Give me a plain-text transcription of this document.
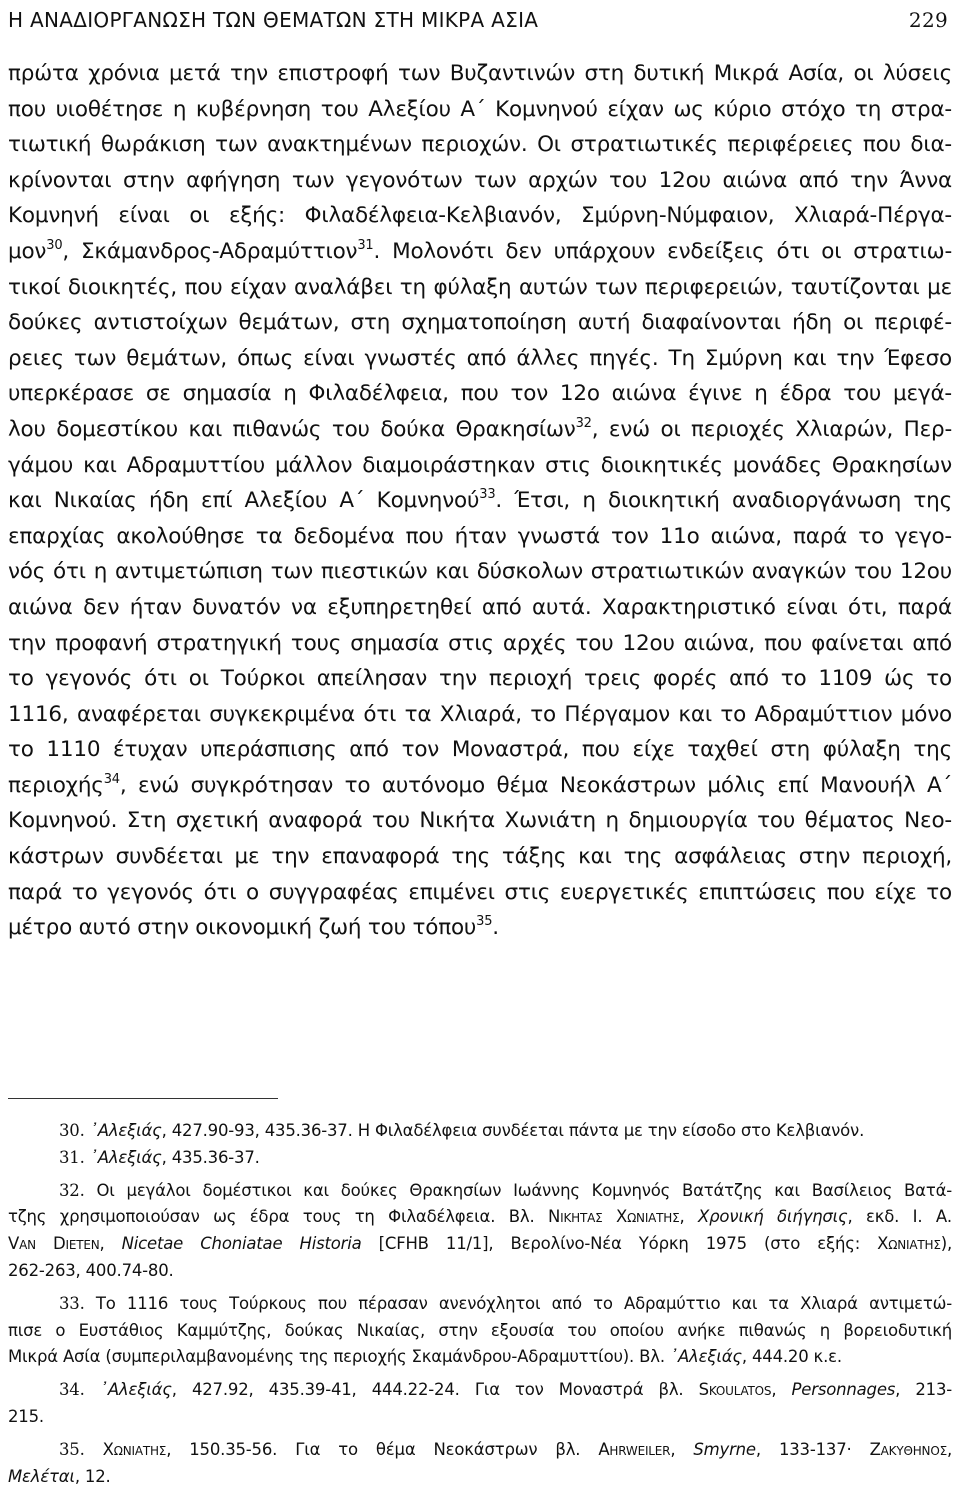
Η ΑΝΑΔΙΟΡΓΑΝΩΣΗ ΤΩΝ ΘΕΜΑΤΩΝ ΣΤΗ ΜΙΚΡΑ ΑΣΙΑ	229
πρώτα χρόνια μετά την επιστροφή των Βυζαντινών στη δυτική Μικρά Ασία, οι λύσεις
που υιοθέτησε η κυβέρνηση του Αλεξίου Α΄ Κομνηνού είχαν ως κύριο στόχο τη στρα-
τιωτική θωράκιση των ανακτημένων περιοχών. Οι στρατιωτικές περιφέρειες που δια-
κρίνονται στην αφήγηση των γεγονότων των αρχών του 12ου αιώνα από την Άννα
Κομνηνή είναι οι εξής: Φιλαδέλφεια-Κελβιανόν, Σμύρνη-Νύμφαιον, Χλιαρά-Πέργα-
μον$^{30}$, Σκάμανδρος-Αδραμύττιον$^{31}$. Μολονότι δεν υπάρχουν ενδείξεις ότι οι στρατιω-
τικοί διοικητές, που είχαν αναλάβει τη φύλαξη αυτών των περιφερειών, ταυτίζονται με
δούκες αντιστοίχων θεμάτων, στη σχηματοποίηση αυτή διαφαίνονται ήδη οι περιφέ-
ρειες των θεμάτων, όπως είναι γνωστές από άλλες πηγές. Τη Σμύρνη και την Έφεσο
υπερκέρασε σε σημασία η Φιλαδέλφεια, που τον 12ο αιώνα έγινε η έδρα του μεγά-
λου δομεστίκου και πιθανώς του δούκα Θρακησίων$^{32}$, ενώ οι περιοχές Χλιαρών, Περ-
γάμου και Αδραμυττίου μάλλον διαμοιράστηκαν στις διοικητικές μονάδες Θρακησίων
και Νικαίας ήδη επί Αλεξίου Α΄ Κομνηνού$^{33}$. Έτσι, η διοικητική αναδιοργάνωση της
επαρχίας ακολούθησε τα δεδομένα που ήταν γνωστά τον 11ο αιώνα, παρά το γεγο-
νός ότι η αντιμετώπιση των πιεστικών και δύσκολων στρατιωτικών αναγκών του 12ου
αιώνα δεν ήταν δυνατόν να εξυπηρετηθεί από αυτά. Χαρακτηριστικό είναι ότι, παρά
την προφανή στρατηγική τους σημασία στις αρχές του 12ου αιώνα, που φαίνεται από
το γεγονός ότι οι Τούρκοι απείλησαν την περιοχή τρεις φορές από το 1109 ώς το
1116, αναφέρεται συγκεκριμένα ότι τα Χλιαρά, το Πέργαμον και το Αδραμύττιον μόνο
το 1110 έτυχαν υπεράσπισης από τον Μοναστρά, που είχε ταχθεί στη φύλαξη της
περιοχής$^{34}$, ενώ συγκρότησαν το αυτόνομο θέμα Νεοκάστρων μόλις επί Μανουήλ Α΄
Κομνηνού. Στη σχετική αναφορά του Νικήτα Χωνιάτη η δημιουργία του θέματος Νεο-
κάστρων συνδέεται με την επαναφορά της τάξης και της ασφάλειας στην περιοχή,
παρά το γεγονός ότι ο συγγραφέας επιμένει στις ευεργετικές επιπτώσεις που είχε το
μέτρο αυτό στην οικονομική ζωή του τόπου$^{35}$.
30. ᾽Αλεξιάς, 427.90-93, 435.36-37. Η Φιλαδέλφεια συνδέεται πάντα με την είσοδο στο Κελβιανόν.
31. ᾽Αλεξιάς, 435.36-37.
32. Οι μεγάλοι δομέστικοι και δούκες Θρακησίων Ιωάννης Κομνηνός Βατάτζης και Βασίλειος Βατά-
τζης χρησιμοποιούσαν ως έδρα τους τη Φιλαδέλφεια. Βλ. Νικητας Χωνιατης, Χρονική διήγησις, εκδ. Ι. Α.
Van Dieten, Nicetae Choniatae Historia [CFHB 11/1], Βερολίνο-Νέα Υόρκη 1975 (στο εξής: Χωνιατης),
262-263, 400.74-80.
33. Το 1116 τους Τούρκους που πέρασαν ανενόχλητοι από το Αδραμύττιο και τα Χλιαρά αντιμετώ-
πισε ο Ευστάθιος Καμμύτζης, δούκας Νικαίας, στην εξουσία του οποίου ανήκε πιθανώς η βορειοδυτική
Μικρά Ασία (συμπεριλαμβανομένης της περιοχής Σκαμάνδρου-Αδραμυττίου). Βλ. ᾽Αλεξιάς, 444.20 κ.ε.
34. ᾽Αλεξιάς, 427.92, 435.39-41, 444.22-24. Για τον Μοναστρά βλ. Skoulatos, Personnages, 213-
215.
35. Χωνιατης, 150.35-56. Για το θέμα Νεοκάστρων βλ. Ahrweiler, Smyrne, 133-137· Ζακυθηνος,
Μελέται, 12.
